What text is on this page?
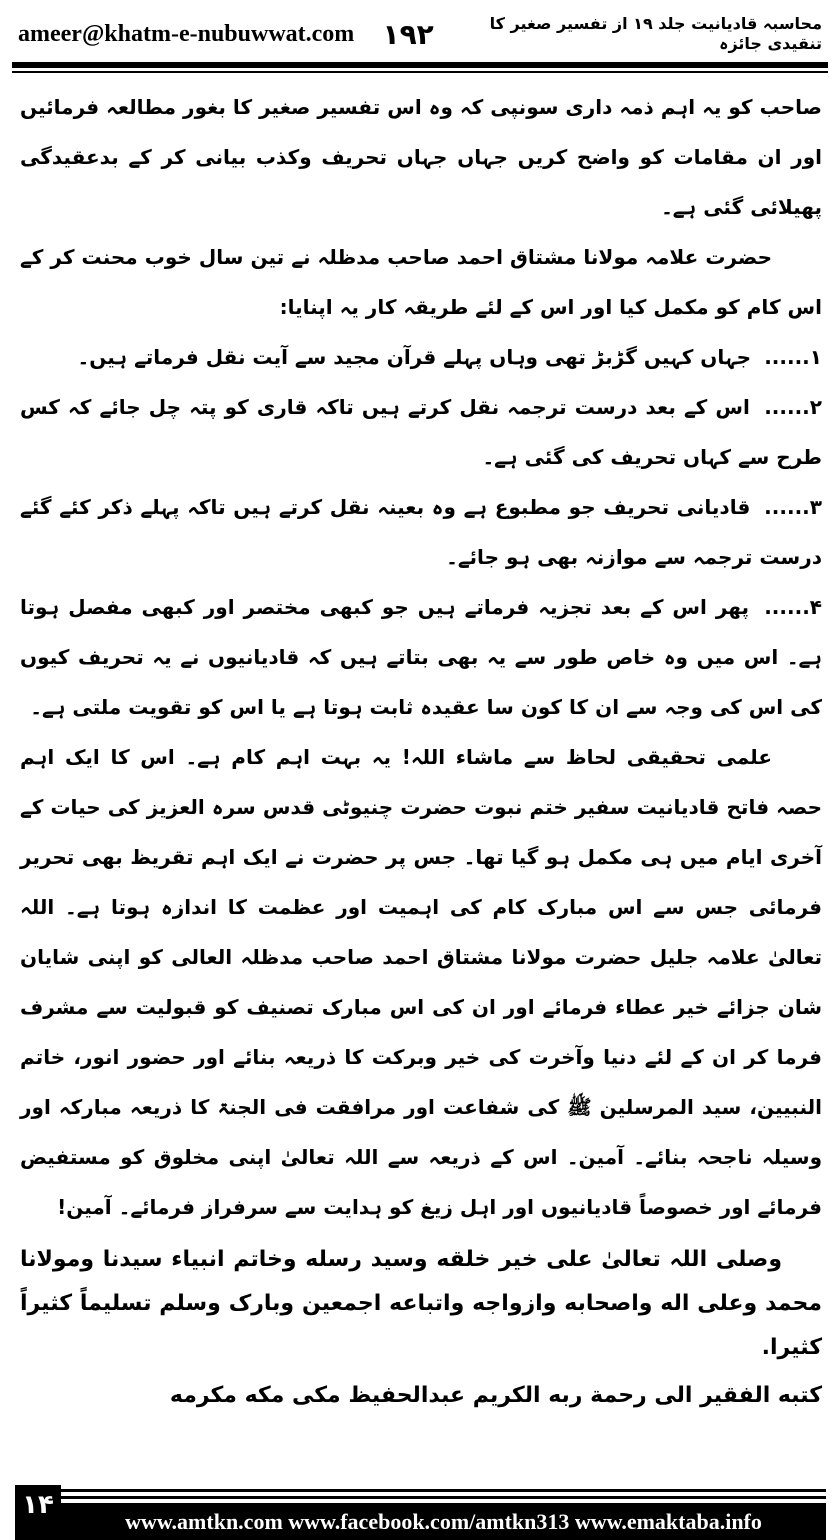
ameer@khatm-e-nubuwwat.com ۱۹۲	محاسبہ قادیانیت جلد ۱۹ از تفسیر صغیر کا تنقیدی جائزہ

صاحب کو یہ اہم ذمہ داری سونپی کہ وہ اس تفسیر صغیر کا بغور مطالعہ فرمائیں اور ان مقامات کو واضح کریں جہاں جہاں تحریف وکذب بیانی کر کے بدعقیدگی پھیلائی گئی ہے۔

حضرت علامہ مولانا مشتاق احمد صاحب مدظلہ نے تین سال خوب محنت کر کے اس کام کو مکمل کیا اور اس کے لئے طریقہ کار یہ اپنایا:

۱...... جہاں کہیں گڑبڑ تھی وہاں پہلے قرآن مجید سے آیت نقل فرماتے ہیں۔

۲...... اس کے بعد درست ترجمہ نقل کرتے ہیں تاکہ قاری کو پتہ چل جائے کہ کس طرح سے کہاں تحریف کی گئی ہے۔

۳...... قادیانی تحریف جو مطبوع ہے وہ بعینہ نقل کرتے ہیں تاکہ پہلے ذکر کئے گئے درست ترجمہ سے موازنہ بھی ہو جائے۔

۴...... پھر اس کے بعد تجزیہ فرماتے ہیں جو کبھی مختصر اور کبھی مفصل ہوتا ہے۔ اس میں وہ خاص طور سے یہ بھی بتاتے ہیں کہ قادیانیوں نے یہ تحریف کیوں کی اس کی وجہ سے ان کا کون سا عقیدہ ثابت ہوتا ہے یا اس کو تقویت ملتی ہے۔

علمی تحقیقی لحاظ سے ماشاء اللہ! یہ بہت اہم کام ہے۔ اس کا ایک اہم حصہ فاتح قادیانیت سفیر ختم نبوت حضرت چنیوٹی قدس سرہ العزیز کی حیات کے آخری ایام میں ہی مکمل ہو گیا تھا۔ جس پر حضرت نے ایک اہم تقریظ بھی تحریر فرمائی جس سے اس مبارک کام کی اہمیت اور عظمت کا اندازہ ہوتا ہے۔ اللہ تعالیٰ علامہ جلیل حضرت مولانا مشتاق احمد صاحب مدظلہ العالی کو اپنی شایان شان جزائے خیر عطاء فرمائے اور ان کی اس مبارک تصنیف کو قبولیت سے مشرف فرما کر ان کے لئے دنیا وآخرت کی خیر وبرکت کا ذریعہ بنائے اور حضور انور، خاتم النبیین، سید المرسلین ﷺ کی شفاعت اور مرافقت فی الجنۃ کا ذریعہ مبارکہ اور وسیلہ ناجحہ بنائے۔ آمین۔ اس کے ذریعہ سے اللہ تعالیٰ اپنی مخلوق کو مستفیض فرمائے اور خصوصاً قادیانیوں اور اہل زیغ کو ہدایت سے سرفراز فرمائے۔ آمین!

وصلی اللہ تعالیٰ علی خیر خلقه وسید رسله وخاتم انبیاء سیدنا ومولانا محمد وعلی اله واصحابه وازواجه واتباعه اجمعین وبارک وسلم تسلیماً کثیراً کثیرا.

کتبه الفقیر الی رحمة ربه الکریم عبدالحفیظ مکی مکه مکرمه

۱۴
www.amtkn.com www.facebook.com/amtkn313 www.emaktaba.info
